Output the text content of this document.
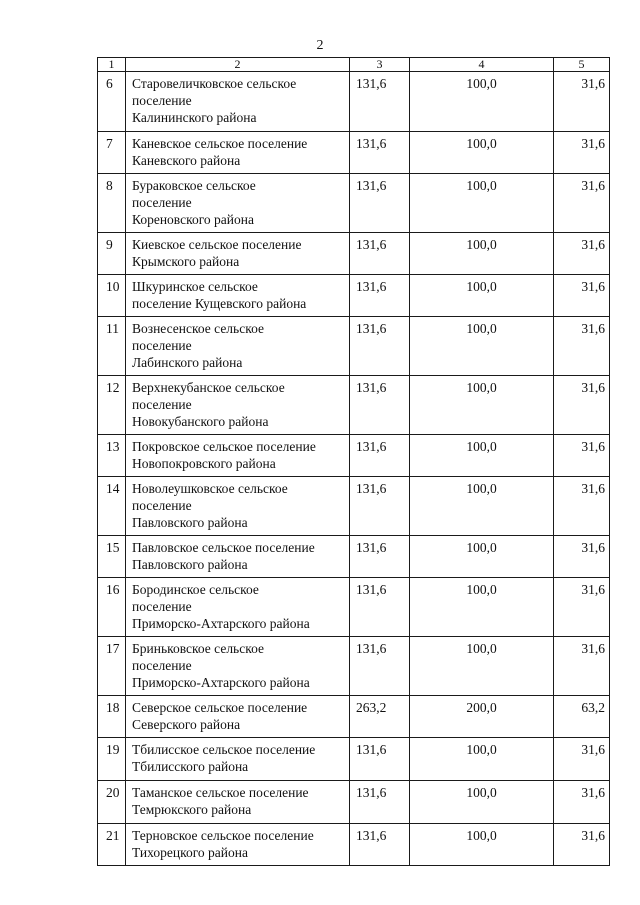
2
1	2	3	4	5
6	Старовеличковское сельское
поселение
Калининского района	131,6	100,0	31,6
7	Каневское сельское поселение
Каневского района	131,6	100,0	31,6
8	Бураковское сельское
поселение
Кореновского района	131,6	100,0	31,6
9	Киевское сельское поселение
Крымского района	131,6	100,0	31,6
10	Шкуринское сельское
поселение Кущевского района	131,6	100,0	31,6
11	Вознесенское сельское
поселение
Лабинского района	131,6	100,0	31,6
12	Верхнекубанское сельское
поселение
Новокубанского района	131,6	100,0	31,6
13	Покровское сельское поселение
Новопокровского района	131,6	100,0	31,6
14	Новолеушковское сельское
поселение
Павловского района	131,6	100,0	31,6
15	Павловское сельское поселение
Павловского района	131,6	100,0	31,6
16	Бородинское сельское
поселение
Приморско-Ахтарского района	131,6	100,0	31,6
17	Бриньковское сельское
поселение
Приморско-Ахтарского района	131,6	100,0	31,6
18	Северское сельское поселение
Северского района	263,2	200,0	63,2
19	Тбилисское сельское поселение
Тбилисского района	131,6	100,0	31,6
20	Таманское сельское поселение
Темрюкского района	131,6	100,0	31,6
21	Терновское сельское поселение
Тихорецкого района	131,6	100,0	31,6
